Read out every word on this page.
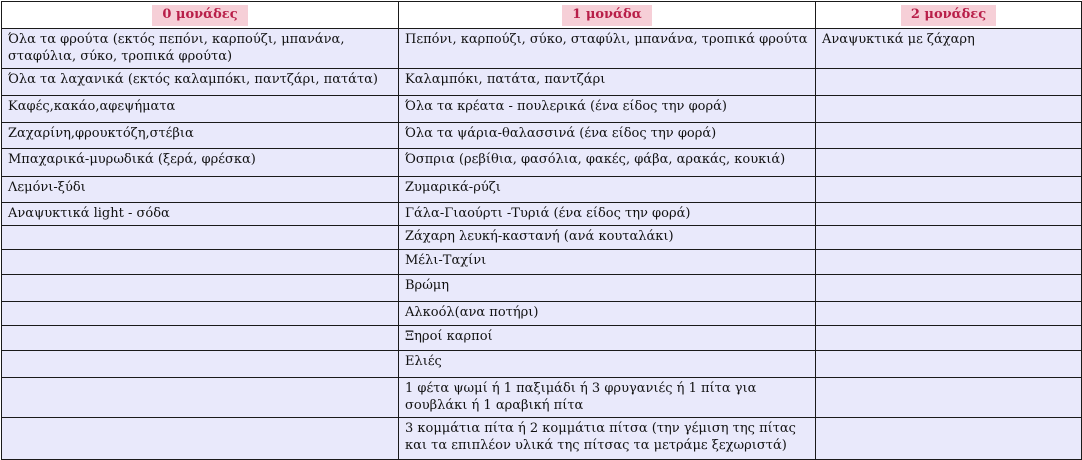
0 μονάδες	1 μονάδα	2 μονάδες
Όλα τα φρούτα (εκτός πεπόνι, καρπούζι, μπανάνα, σταφύλια, σύκο, τροπικά φρούτα)	Πεπόνι, καρπούζι, σύκο, σταφύλι, μπανάνα, τροπικά φρούτα	Αναψυκτικά με ζάχαρη
Όλα τα λαχανικά (εκτός καλαμπόκι, παντζάρι, πατάτα)	Καλαμπόκι, πατάτα, παντζάρι	
Καφές,κακάο,αφεψήματα	Όλα τα κρέατα - πουλερικά (ένα είδος την φορά)	
Ζαχαρίνη,φρουκτόζη,στέβια	Όλα τα ψάρια-θαλασσινά (ένα είδος την φορά)	
Μπαχαρικά-μυρωδικά (ξερά, φρέσκα)	Όσπρια (ρεβίθια, φασόλια, φακές, φάβα, αρακάς, κουκιά)	
Λεμόνι-ξύδι	Ζυμαρικά-ρύζι	
Αναψυκτικά light - σόδα	Γάλα-Γιαούρτι -Τυριά (ένα είδος την φορά)	
	Ζάχαρη λευκή-καστανή (ανά κουταλάκι)	
	Μέλι-Ταχίνι	
	Βρώμη	
	Αλκοόλ(ανα ποτήρι)	
	Ξηροί καρποί	
	Ελιές	
	1 φέτα ψωμί ή 1 παξιμάδι ή 3 φρυγανιές ή 1 πίτα για σουβλάκι ή 1 αραβική πίτα	
	3 κομμάτια πίτα ή 2 κομμάτια πίτσα (την γέμιση της πίτας και τα επιπλέον υλικά της πίτσας τα μετράμε ξεχωριστά)	
